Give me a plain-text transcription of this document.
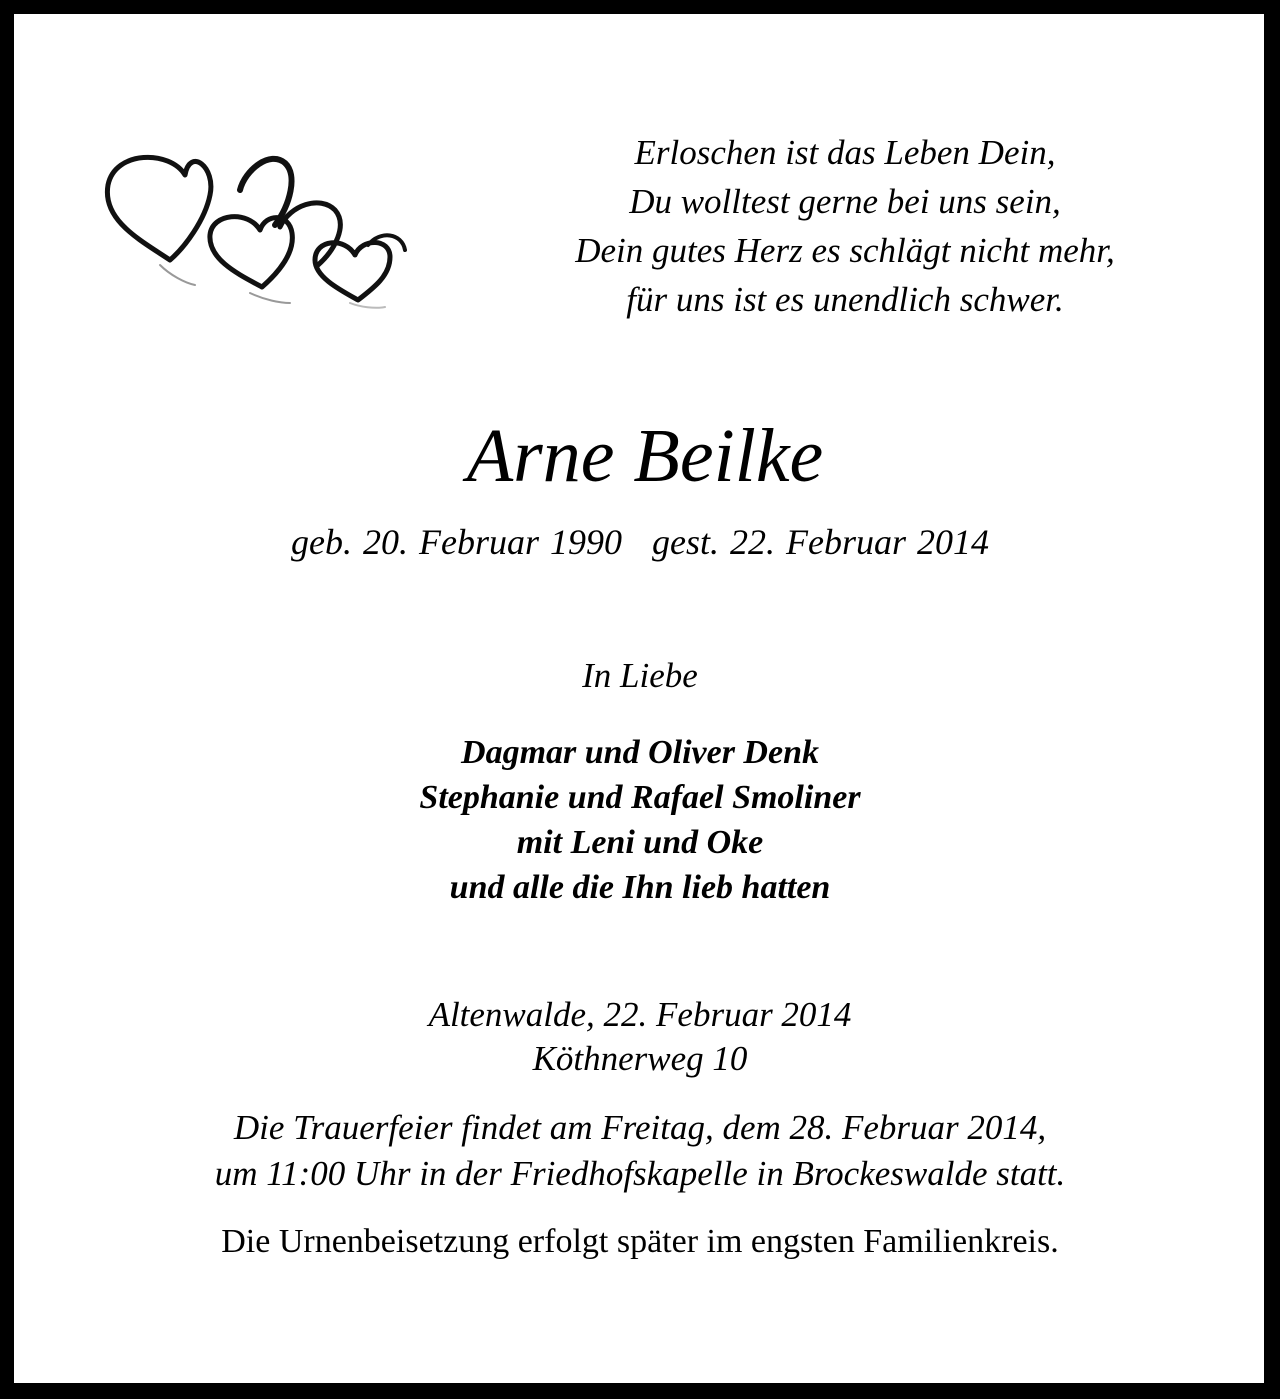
Erloschen ist das Leben Dein,
Du wolltest gerne bei uns sein,
Dein gutes Herz es schlägt nicht mehr,
für uns ist es unendlich schwer.
Arne Beilke
geb. 20. Februar 1990 gest. 22. Februar 2014
In Liebe
Dagmar und Oliver Denk
Stephanie und Rafael Smoliner
mit Leni und Oke
und alle die Ihn lieb hatten
Altenwalde, 22. Februar 2014
Köthnerweg 10
Die Trauerfeier findet am Freitag, dem 28. Februar 2014,
um 11:00 Uhr in der Friedhofskapelle in Brockeswalde statt.
Die Urnenbeisetzung erfolgt später im engsten Familienkreis.
